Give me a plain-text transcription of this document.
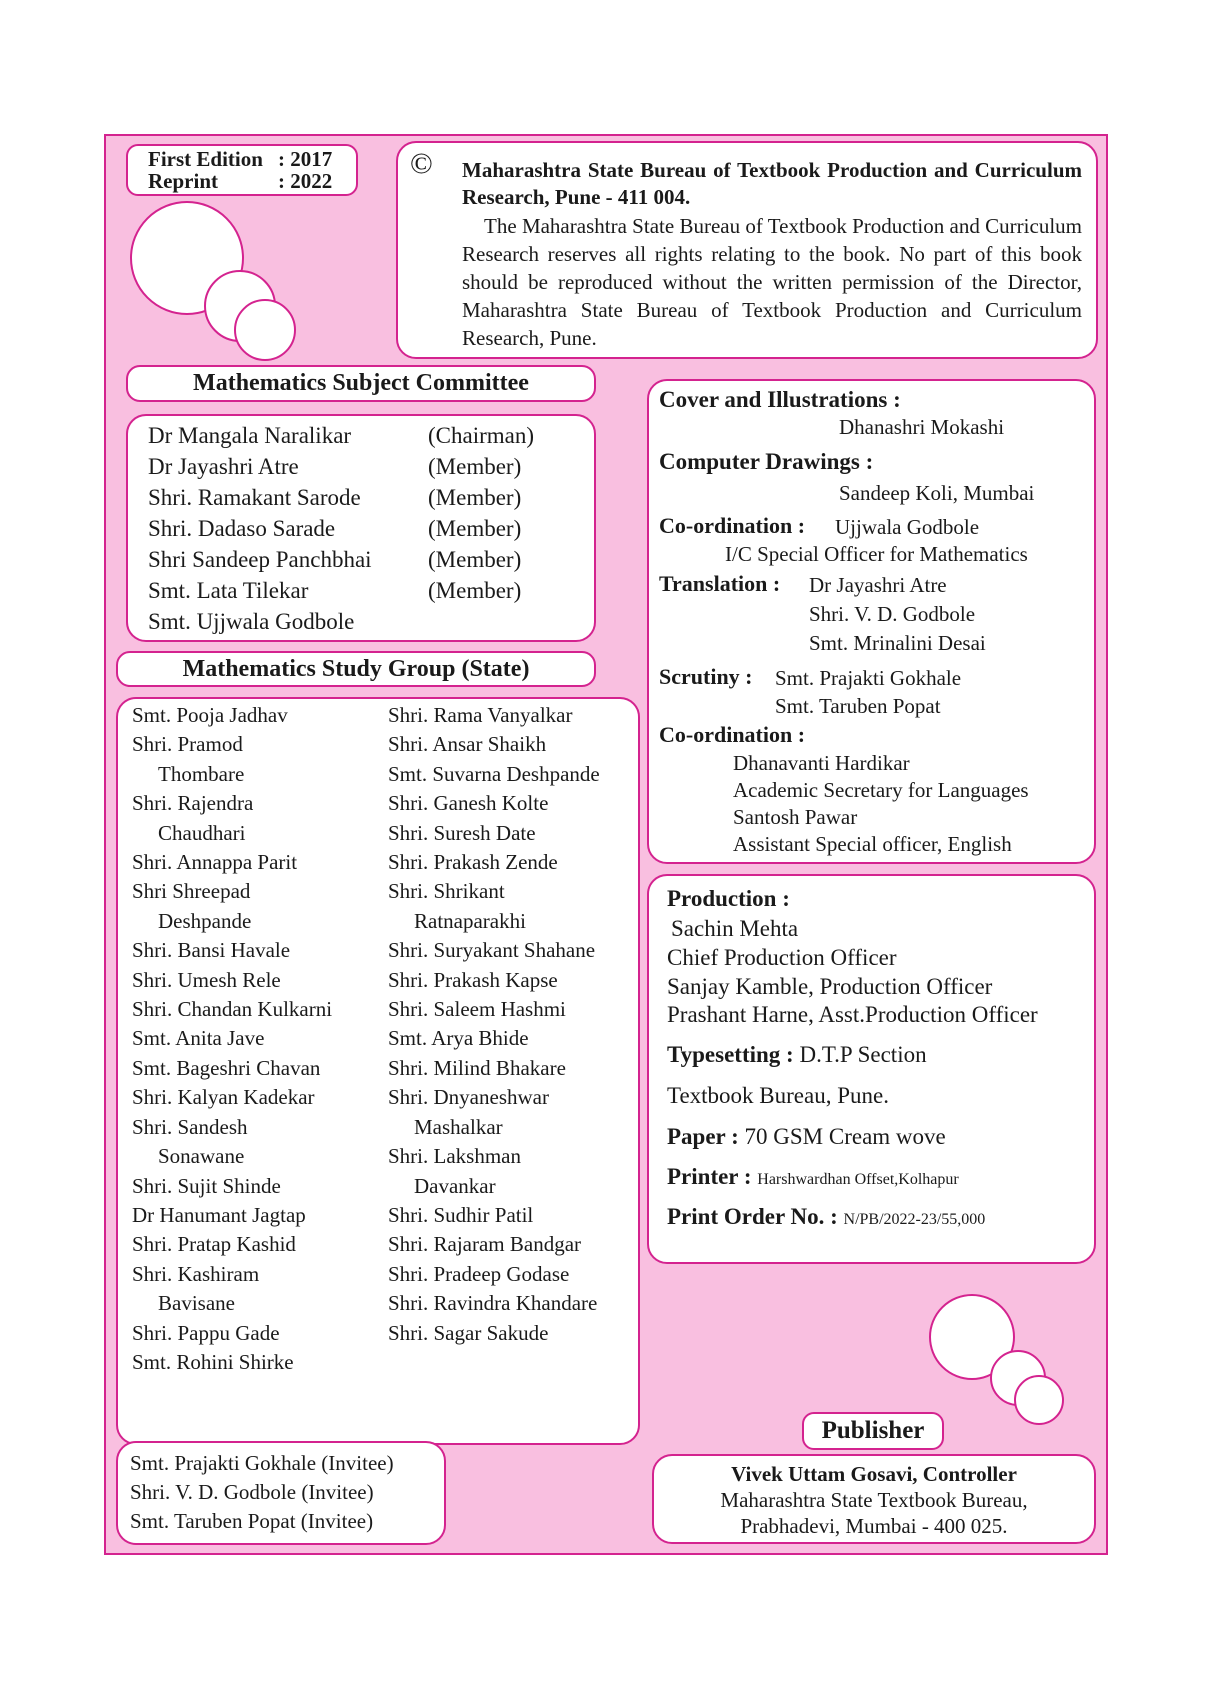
First Edition : 2017
Reprint	: 2022
© Maharashtra State Bureau of Textbook Production and Curriculum Research, Pune - 411 004.
The Maharashtra State Bureau of Textbook Production and Curriculum Research reserves all rights relating to the book. No part of this book should be reproduced without the written permission of the Director, Maharashtra State Bureau of Textbook Production and Curriculum Research, Pune.
Mathematics Subject Committee
Dr Mangala Naralikar
Dr Jayashri Atre
Shri. Ramakant Sarode
Shri. Dadaso Sarade
Shri Sandeep Panchbhai
Smt. Lata Tilekar
Smt. Ujjwala Godbole
(Chairman)
(Member)
(Member)
(Member)
(Member)
(Member)
Mathematics Study Group (State)
Smt. Pooja Jadhav
Shri. Pramod
Thombare
Shri. Rajendra
Chaudhari
Shri. Annappa Parit
Shri Shreepad
Deshpande
Shri. Bansi Havale
Shri. Umesh Rele
Shri. Chandan Kulkarni
Smt. Anita Jave
Smt. Bageshri Chavan
Shri. Kalyan Kadekar
Shri. Sandesh
Sonawane
Shri. Sujit Shinde
Dr Hanumant Jagtap
Shri. Pratap Kashid
Shri. Kashiram
Bavisane
Shri. Pappu Gade
Smt. Rohini Shirke
Shri. Rama Vanyalkar
Shri. Ansar Shaikh
Smt. Suvarna Deshpande
Shri. Ganesh Kolte
Shri. Suresh Date
Shri. Prakash Zende
Shri. Shrikant
Ratnaparakhi
Shri. Suryakant Shahane
Shri. Prakash Kapse
Shri. Saleem Hashmi
Smt. Arya Bhide
Shri. Milind Bhakare
Shri. Dnyaneshwar
Mashalkar
Shri. Lakshman
Davankar
Shri. Sudhir Patil
Shri. Rajaram Bandgar
Shri. Pradeep Godase
Shri. Ravindra Khandare
Shri. Sagar Sakude
Smt. Prajakti Gokhale (Invitee)
Shri. V. D. Godbole (Invitee)
Smt. Taruben Popat (Invitee)
Cover and Illustrations :
Dhanashri Mokashi
Computer Drawings :
Sandeep Koli, Mumbai
Co-ordination : Ujjwala Godbole
I/C Special Officer for Mathematics
Translation : Dr Jayashri Atre
Shri. V. D. Godbole
Smt. Mrinalini Desai
Scrutiny : Smt. Prajakti Gokhale
Smt. Taruben Popat
Co-ordination :
Dhanavanti Hardikar
Academic Secretary for Languages
Santosh Pawar
Assistant Special officer, English
Production :
Sachin Mehta
Chief Production Officer
Sanjay Kamble, Production Officer
Prashant Harne, Asst.Production Officer
Typesetting : D.T.P Section
Textbook Bureau, Pune.
Paper : 70 GSM Cream wove
Printer : Harshwardhan Offset,Kolhapur
Print Order No. : N/PB/2022-23/55,000
Publisher
Vivek Uttam Gosavi, Controller
Maharashtra State Textbook Bureau,
Prabhadevi, Mumbai - 400 025.
